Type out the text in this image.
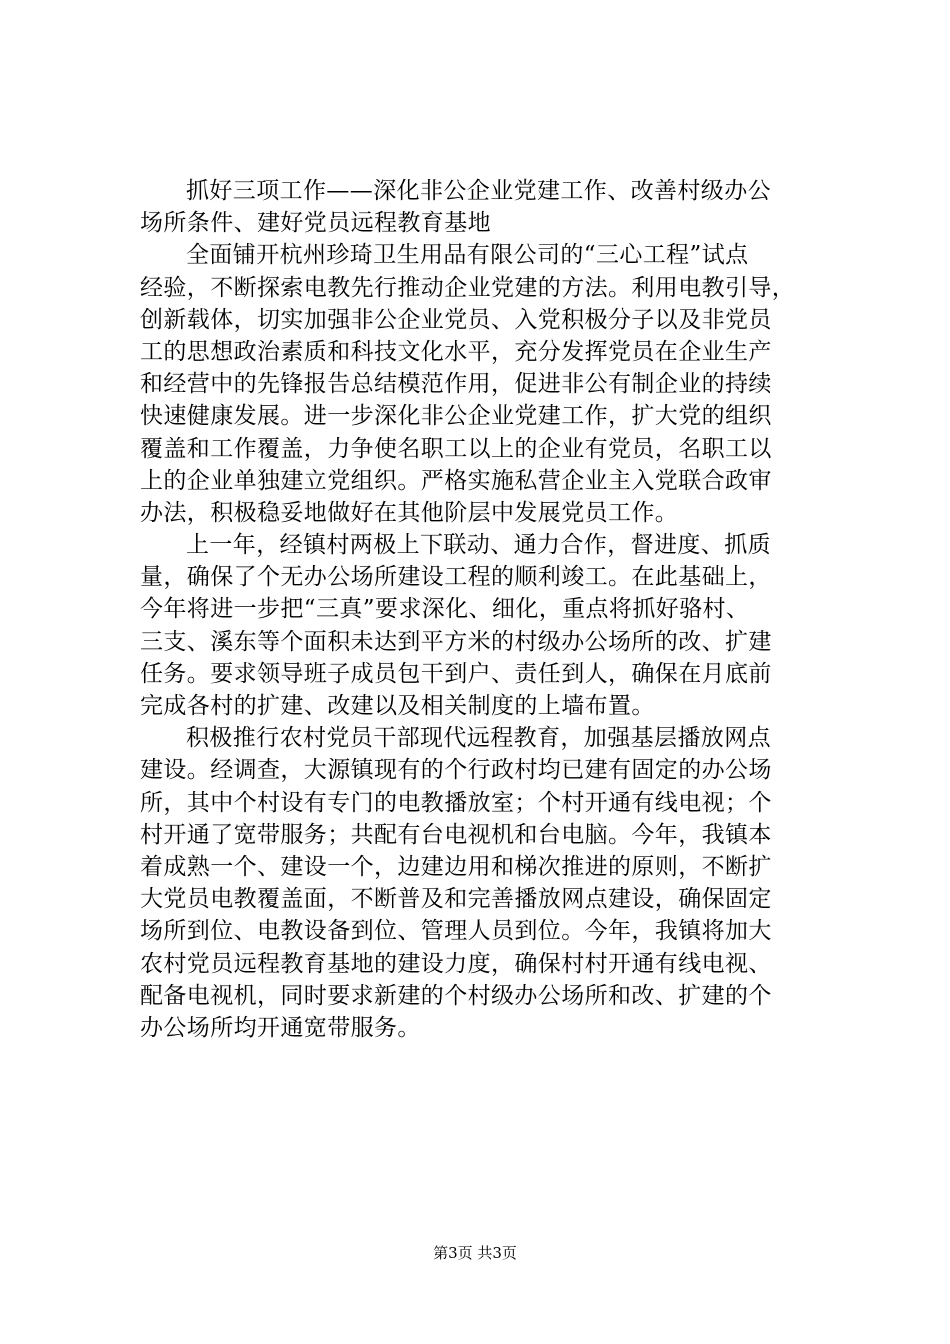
抓好三项工作——深化非公企业党建工作、改善村级办公
场所条件、建好党员远程教育基地
全面铺开杭州珍琦卫生用品有限公司的“三心工程”试点
经验，不断探索电教先行推动企业党建的方法。利用电教引导，
创新载体，切实加强非公企业党员、入党积极分子以及非党员
工的思想政治素质和科技文化水平，充分发挥党员在企业生产
和经营中的先锋报告总结模范作用，促进非公有制企业的持续
快速健康发展。进一步深化非公企业党建工作，扩大党的组织
覆盖和工作覆盖，力争使名职工以上的企业有党员，名职工以
上的企业单独建立党组织。严格实施私营企业主入党联合政审
办法，积极稳妥地做好在其他阶层中发展党员工作。
上一年，经镇村两极上下联动、通力合作，督进度、抓质
量，确保了个无办公场所建设工程的顺利竣工。在此基础上，
今年将进一步把“三真”要求深化、细化，重点将抓好骆村、
三支、溪东等个面积未达到平方米的村级办公场所的改、扩建
任务。要求领导班子成员包干到户、责任到人，确保在月底前
完成各村的扩建、改建以及相关制度的上墙布置。
积极推行农村党员干部现代远程教育，加强基层播放网点
建设。经调查，大源镇现有的个行政村均已建有固定的办公场
所，其中个村设有专门的电教播放室；个村开通有线电视；个
村开通了宽带服务；共配有台电视机和台电脑。今年，我镇本
着成熟一个、建设一个，边建边用和梯次推进的原则，不断扩
大党员电教覆盖面，不断普及和完善播放网点建设，确保固定
场所到位、电教设备到位、管理人员到位。今年，我镇将加大
农村党员远程教育基地的建设力度，确保村村开通有线电视、
配备电视机，同时要求新建的个村级办公场所和改、扩建的个
办公场所均开通宽带服务。
第3页 共3页
